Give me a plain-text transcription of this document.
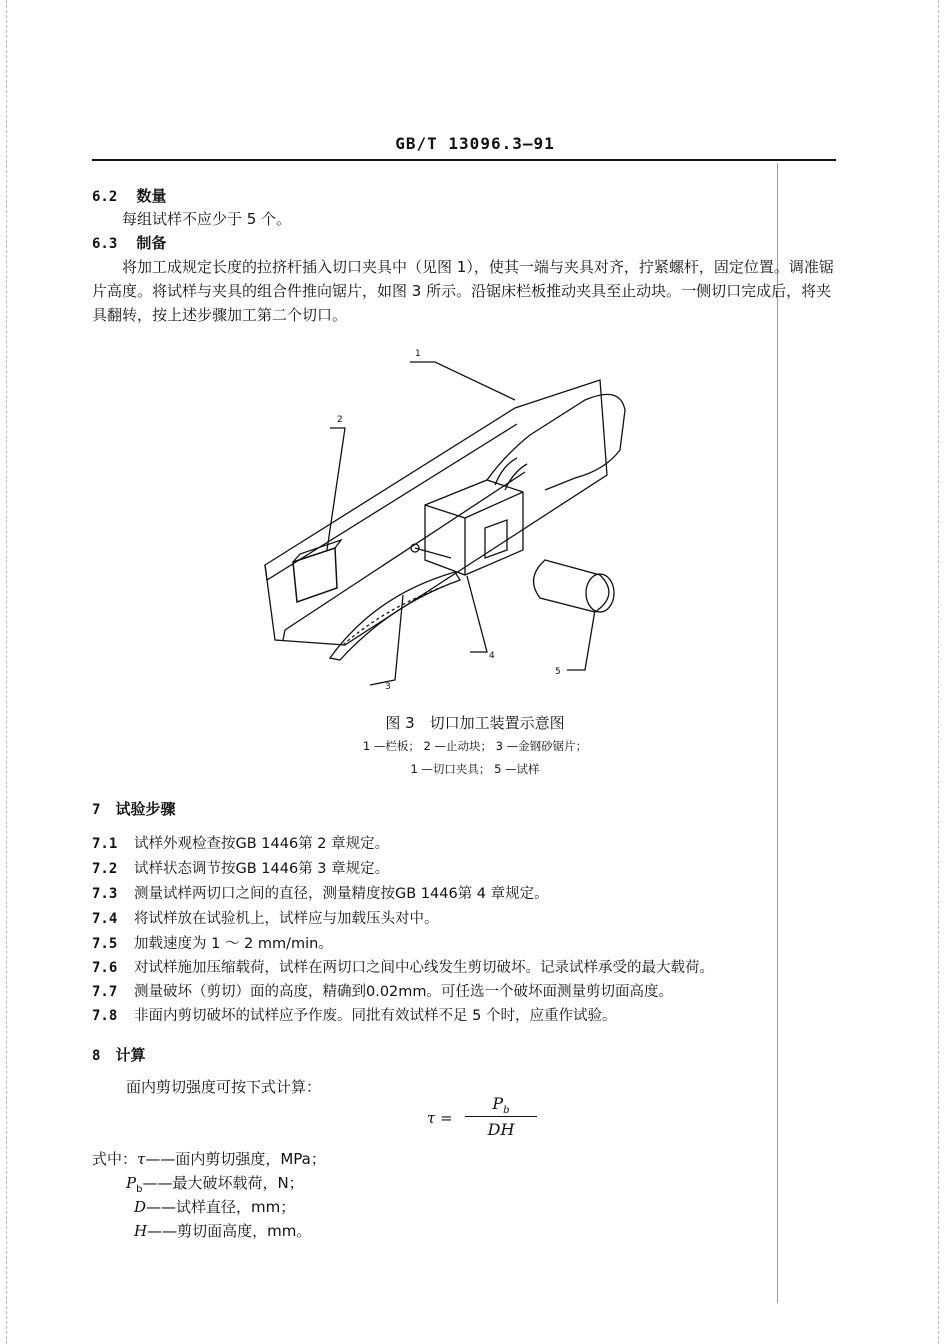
GB/T 13096.3—91
6.2 数量
每组试样不应少于 5 个。
6.3 制备
将加工成规定长度的拉挤杆插入切口夹具中（见图 1），使其一端与夹具对齐，拧紧螺杆，固定位置。调准锯片高度。将试样与夹具的组合件推向锯片，如图 3 所示。沿锯床栏板推动夹具至止动块。一侧切口完成后，将夹具翻转，按上述步骤加工第二个切口。
1
2
3
4
5
图 3　切口加工装置示意图
1 —栏板； 2 —止动块； 3 —金钢砂锯片；
1 —切口夹具； 5 —试样
7 试验步骤
7.1 试样外观检查按GB 1446第 2 章规定。
7.2 试样状态调节按GB 1446第 3 章规定。
7.3 测量试样两切口之间的直径，测量精度按GB 1446第 4 章规定。
7.4 将试样放在试验机上，试样应与加载压头对中。
7.5 加载速度为 1 ～ 2 mm/min。
7.6 对试样施加压缩载荷，试样在两切口之间中心线发生剪切破坏。记录试样承受的最大载荷。
7.7 测量破坏（剪切）面的高度，精确到0.02mm。可任选一个破坏面测量剪切面高度。
7.8 非面内剪切破坏的试样应予作废。同批有效试样不足 5 个时，应重作试验。
8 计算
面内剪切强度可按下式计算：
τ =
$P_b$
DH
式中：τ——面内剪切强度，MPa；
$P_b——$最大破坏载荷，N；
D——试样直径，mm；
H——剪切面高度，mm。
